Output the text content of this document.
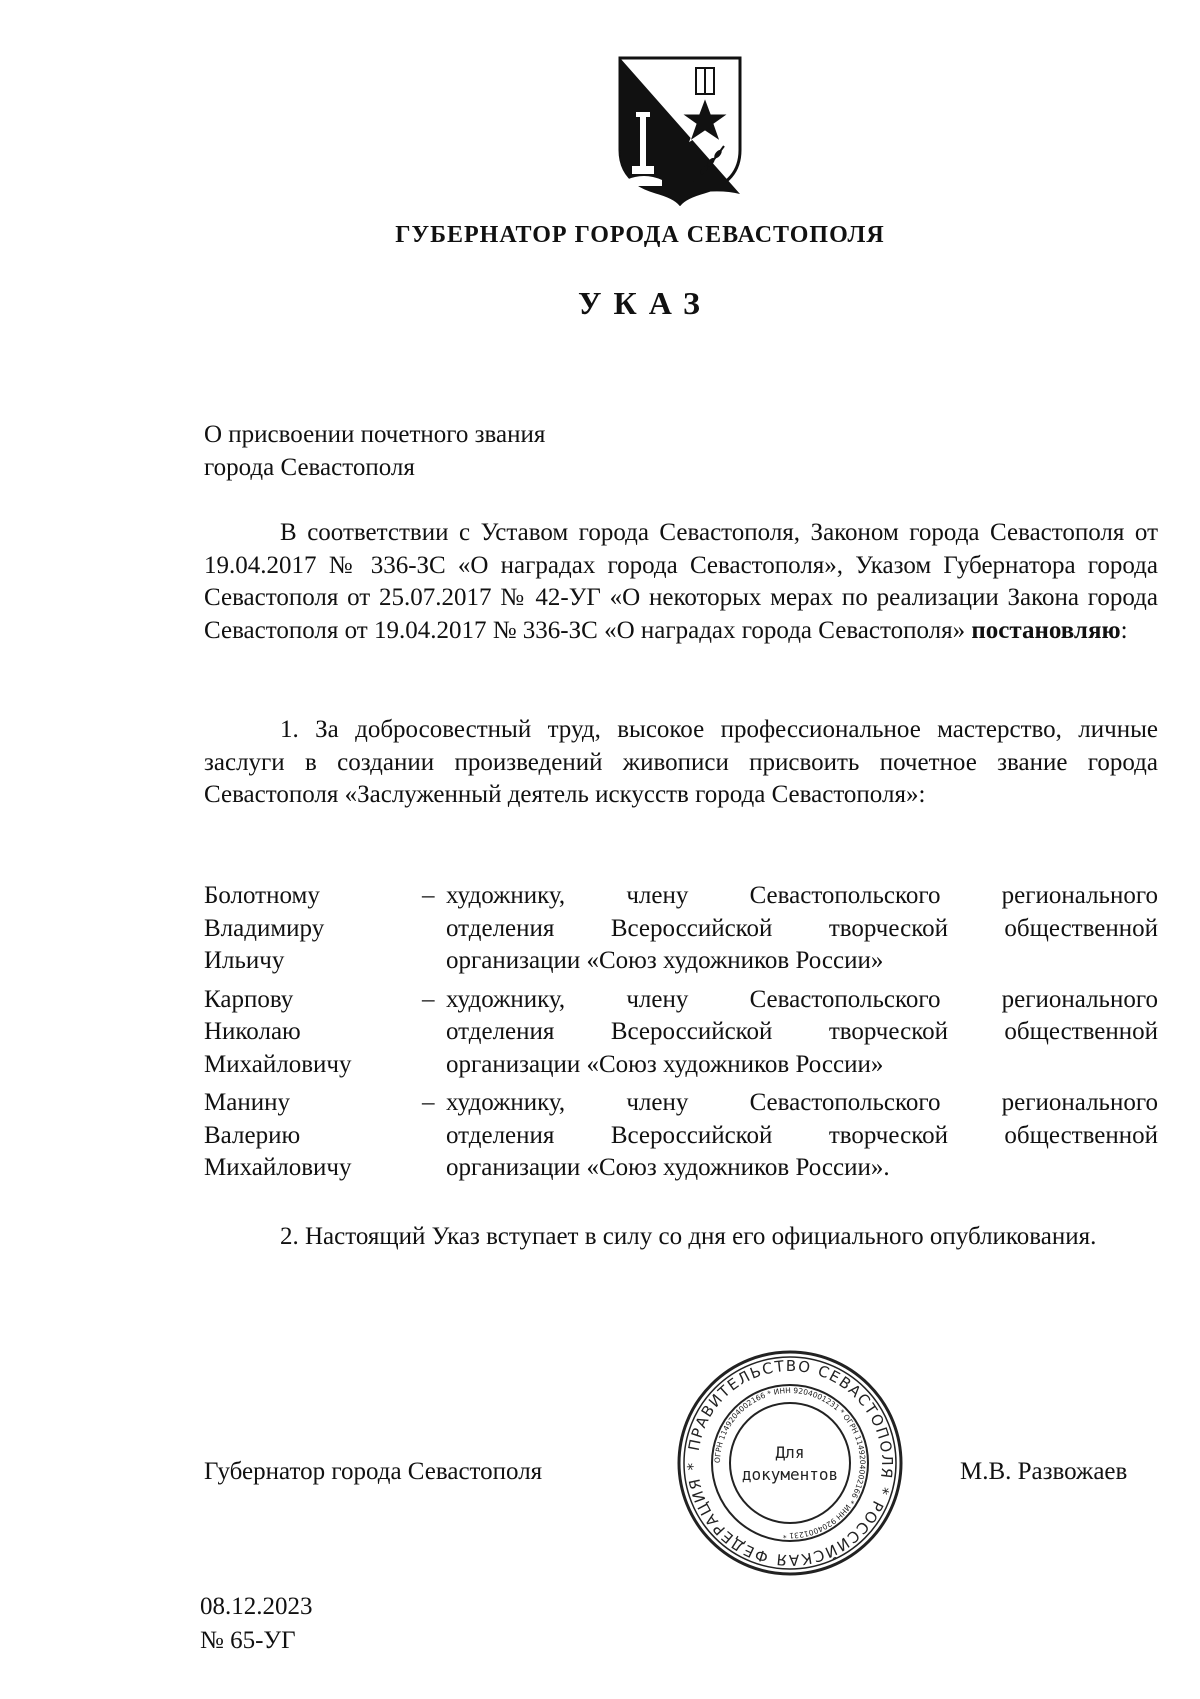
ГУБЕРНАТОР ГОРОДА СЕВАСТОПОЛЯ
УКАЗ
О присвоении почетного звания
города Севастополя
В соответствии с Уставом города Севастополя, Законом города Севастополя от 19.04.2017 № 336-ЗС «О наградах города Севастополя», Указом Губернатора города Севастополя от 25.07.2017 № 42-УГ «О некоторых мерах по реализации Закона города Севастополя от 19.04.2017 № 336-ЗС «О наградах города Севастополя» постановляю:
1. За добросовестный труд, высокое профессиональное мастерство, личные заслуги в создании произведений живописи присвоить почетное звание города Севастополя «Заслуженный деятель искусств города Севастополя»:
Болотному
Владимиру
Ильичу
– художнику, члену Севастопольского регионального
отделения Всероссийской творческой общественной
организации «Союз художников России»
Карпову
Николаю
Михайловичу
– художнику, члену Севастопольского регионального
отделения Всероссийской творческой общественной
организации «Союз художников России»
Манину
Валерию
Михайловичу
– художнику, члену Севастопольского регионального
отделения Всероссийской творческой общественной
организации «Союз художников России».
2. Настоящий Указ вступает в силу со дня его официального опубликования.
Губернатор города Севастополя
ПРАВИТЕЛЬСТВО СЕВАСТОПОЛЯ * РОССИЙСКАЯ ФЕДЕРАЦИЯ *
ОГРН 1149204002166 * ИНН 9204001231 * ОГРН 1149204002166 * ИНН 9204001231 *
Для
документов	М.В. Развожаев
08.12.2023
№ 65-УГ
